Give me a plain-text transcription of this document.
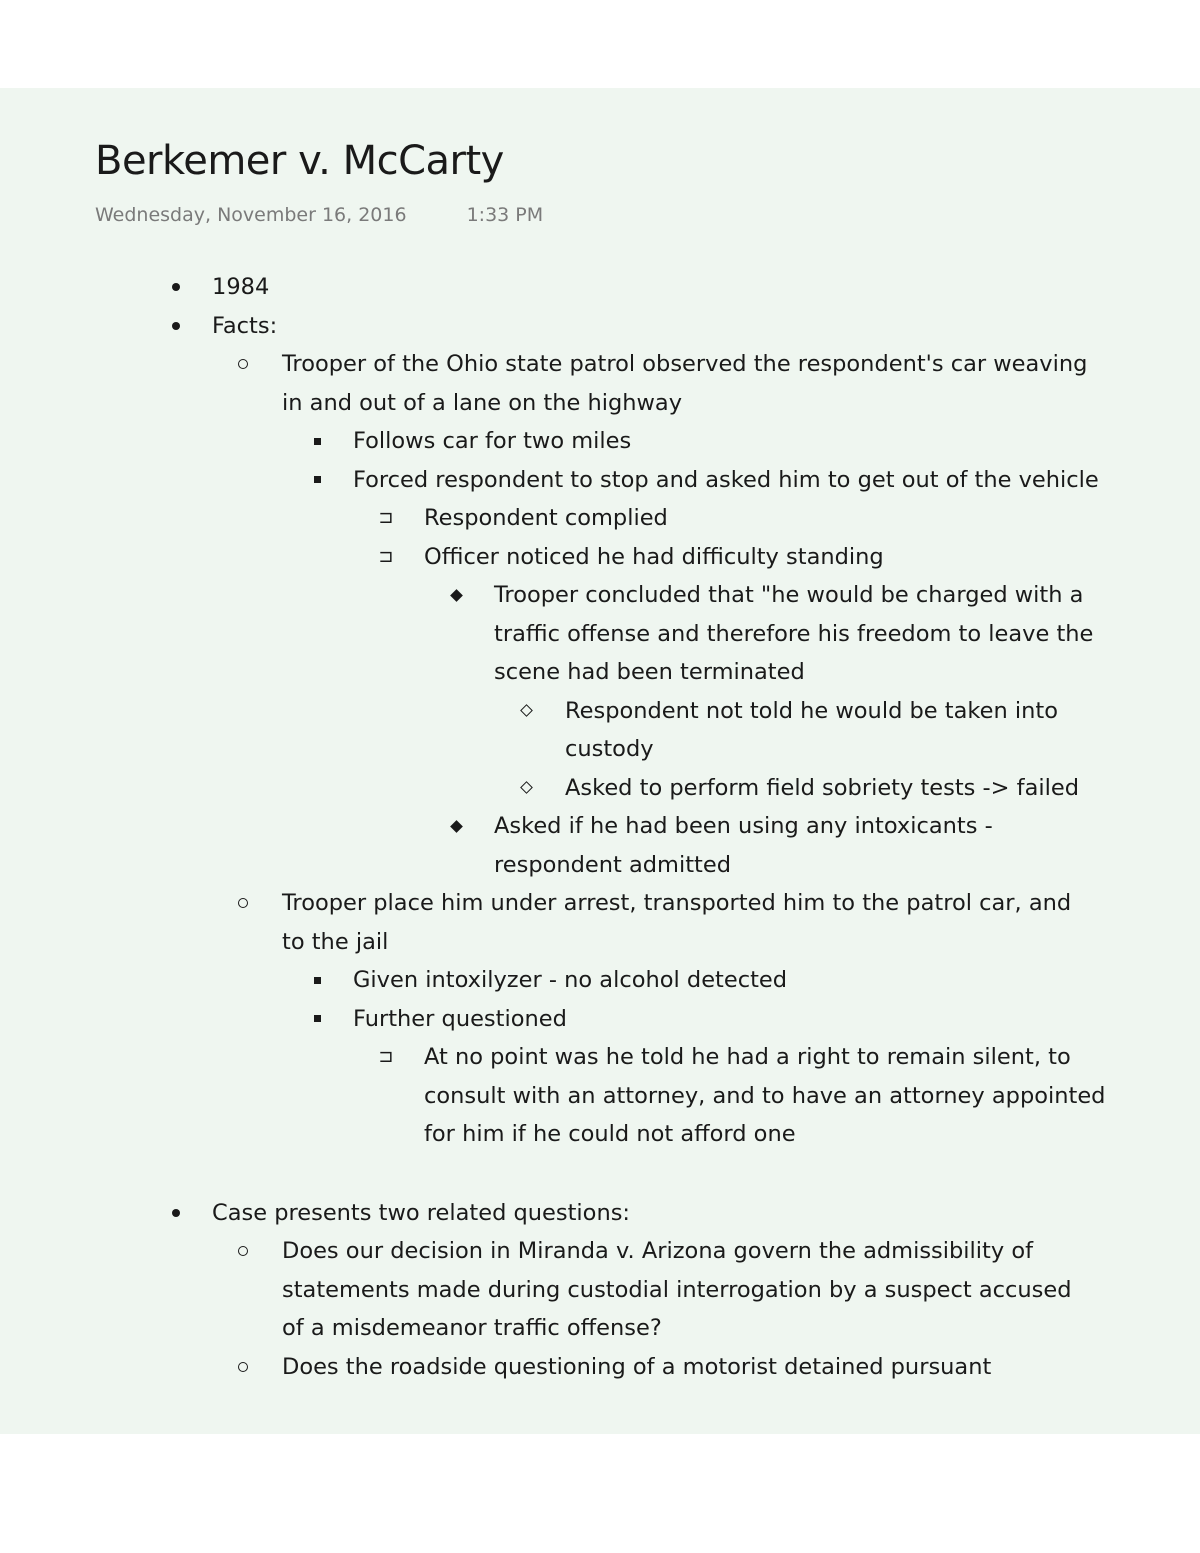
Berkemer v. McCarty
Wednesday, November 16, 2016	1:33 PM
1984
Facts:
Trooper of the Ohio state patrol observed the respondent's car weaving in and out of a lane on the highway
Follows car for two miles
Forced respondent to stop and asked him to get out of the vehicle
⊐ Respondent complied
⊐ Officer noticed he had difficulty standing
Trooper concluded that "he would be charged with a traffic offense and therefore his freedom to leave the scene had been terminated
Respondent not told he would be taken into custody
Asked to perform field sobriety tests -> failed
Asked if he had been using any intoxicants - respondent admitted
Trooper place him under arrest, transported him to the patrol car, and to the jail
Given intoxilyzer - no alcohol detected
Further questioned
⊐ At no point was he told he had a right to remain silent, to consult with an attorney, and to have an attorney appointed for him if he could not afford one
Case presents two related questions:
Does our decision in Miranda v. Arizona govern the admissibility of statements made during custodial interrogation by a suspect accused of a misdemeanor traffic offense?
Does the roadside questioning of a motorist detained pursuant
